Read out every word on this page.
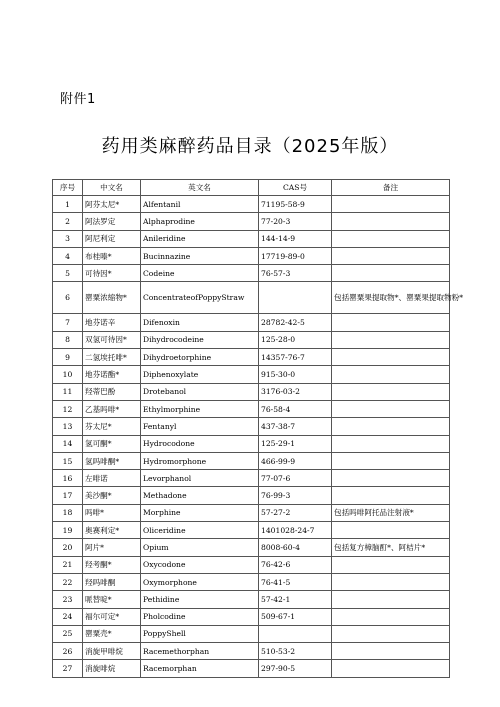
附件1
药用类麻醉药品目录（2025年版）
序号	中文名	英文名	CAS号	备注
1	阿芬太尼*	Alfentanil	71195-58-9	
2	阿法罗定	Alphaprodine	77-20-3	
3	阿尼利定	Anileridine	144-14-9	
4	布桂嗪*	Bucinnazine	17719-89-0	
5	可待因*	Codeine	76-57-3	
6	罂粟浓缩物*	ConcentrateofPoppyStraw		包括罂粟果提取物*、罂粟果提取物粉*
7	地芬诺辛	Difenoxin	28782-42-5	
8	双氢可待因*	Dihydrocodeine	125-28-0	
9	二氢埃托啡*	Dihydroetorphine	14357-76-7	
10	地芬诺酯*	Diphenoxylate	915-30-0	
11	羟蒂巴酚	Drotebanol	3176-03-2	
12	乙基吗啡*	Ethylmorphine	76-58-4	
13	芬太尼*	Fentanyl	437-38-7	
14	氢可酮*	Hydrocodone	125-29-1	
15	氢吗啡酮*	Hydromorphone	466-99-9	
16	左啡诺	Levorphanol	77-07-6	
17	美沙酮*	Methadone	76-99-3	
18	吗啡*	Morphine	57-27-2	包括吗啡阿托品注射液*
19	奥赛利定*	Oliceridine	1401028-24-7	
20	阿片*	Opium	8008-60-4	包括复方樟脑酊*、阿桔片*
21	羟考酮*	Oxycodone	76-42-6	
22	羟吗啡酮	Oxymorphone	76-41-5	
23	哌替啶*	Pethidine	57-42-1	
24	福尔可定*	Pholcodine	509-67-1	
25	罂粟壳*	PoppyShell		
26	消旋甲啡烷	Racemethorphan	510-53-2	
27	消旋啡烷	Racemorphan	297-90-5	
